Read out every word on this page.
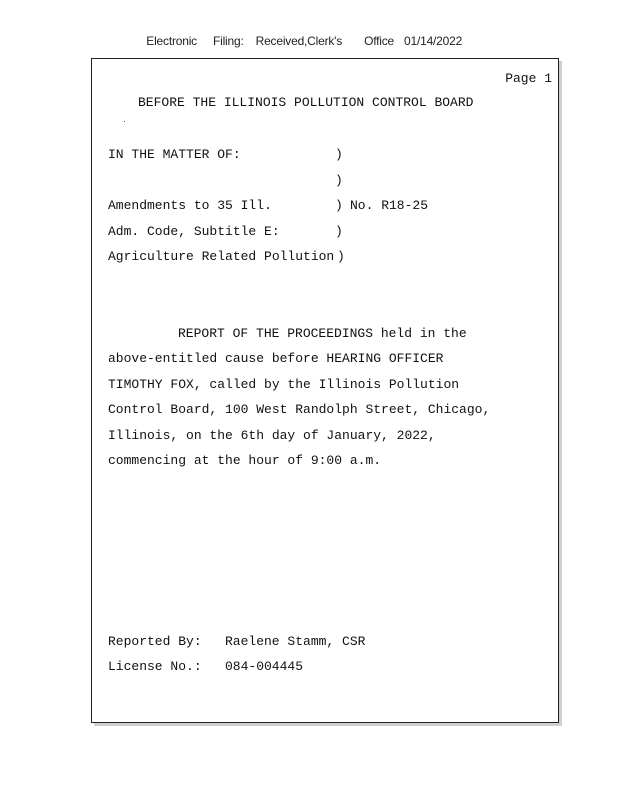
Electronic Filing: Received,Clerk's Office 01/14/2022

Page 1
BEFORE THE ILLINOIS POLLUTION CONTROL BOARD
IN THE MATTER OF:	)
)
Amendments to 35 Ill.	) No. R18-25
Adm. Code, Subtitle E:	)
Agriculture Related Pollution )
REPORT OF THE PROCEEDINGS held in the
above-entitled cause before HEARING OFFICER
TIMOTHY FOX, called by the Illinois Pollution
Control Board, 100 West Randolph Street, Chicago,
Illinois, on the 6th day of January, 2022,
commencing at the hour of 9:00 a.m.
Reported By: Raelene Stamm, CSR
License No.: 084-004445
